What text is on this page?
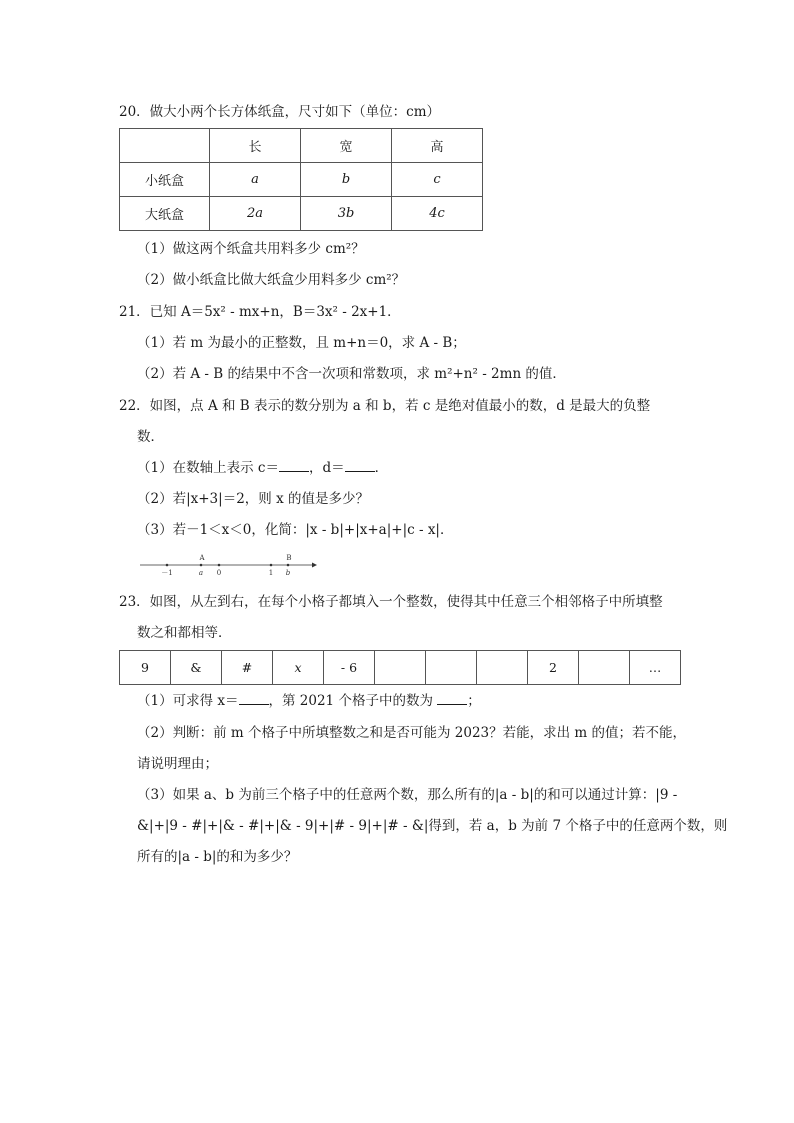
20．做大小两个长方体纸盒，尺寸如下（单位：cm）
	长	宽	高
小纸盒	a	b	c
大纸盒	2a	3b	4c
（1）做这两个纸盒共用料多少 cm²？
（2）做小纸盒比做大纸盒少用料多少 cm²？
21．已知 A＝5x² - mx+n，B＝3x² - 2x+1．
（1）若 m 为最小的正整数，且 m+n＝0，求 A - B；
（2）若 A - B 的结果中不含一次项和常数项，求 m²+n² - 2mn 的值．
22．如图，点 A 和 B 表示的数分别为 a 和 b，若 c 是绝对值最小的数，d 是最大的负整
数．
（1）在数轴上表示 c＝ ，d＝ ．
（2）若|x+3|＝2，则 x 的值是多少？
（3）若－1＜x＜0，化简：|x - b|+|x+a|+|c - x|．
A	B
－1	a 0	1 b
23．如图，从左到右，在每个小格子都填入一个整数，使得其中任意三个相邻格子中所填整
数之和都相等．
9	&	#	x	- 6				2		…
（1）可求得 x＝ ，第 2021 个格子中的数为 ；
（2）判断：前 m 个格子中所填整数之和是否可能为 2023？若能，求出 m 的值；若不能，
请说明理由；
（3）如果 a、b 为前三个格子中的任意两个数，那么所有的|a - b|的和可以通过计算：|9 -
&|+|9 - #|+|& - #|+|& - 9|+|# - 9|+|# - &|得到，若 a，b 为前 7 个格子中的任意两个数，则
所有的|a - b|的和为多少？
